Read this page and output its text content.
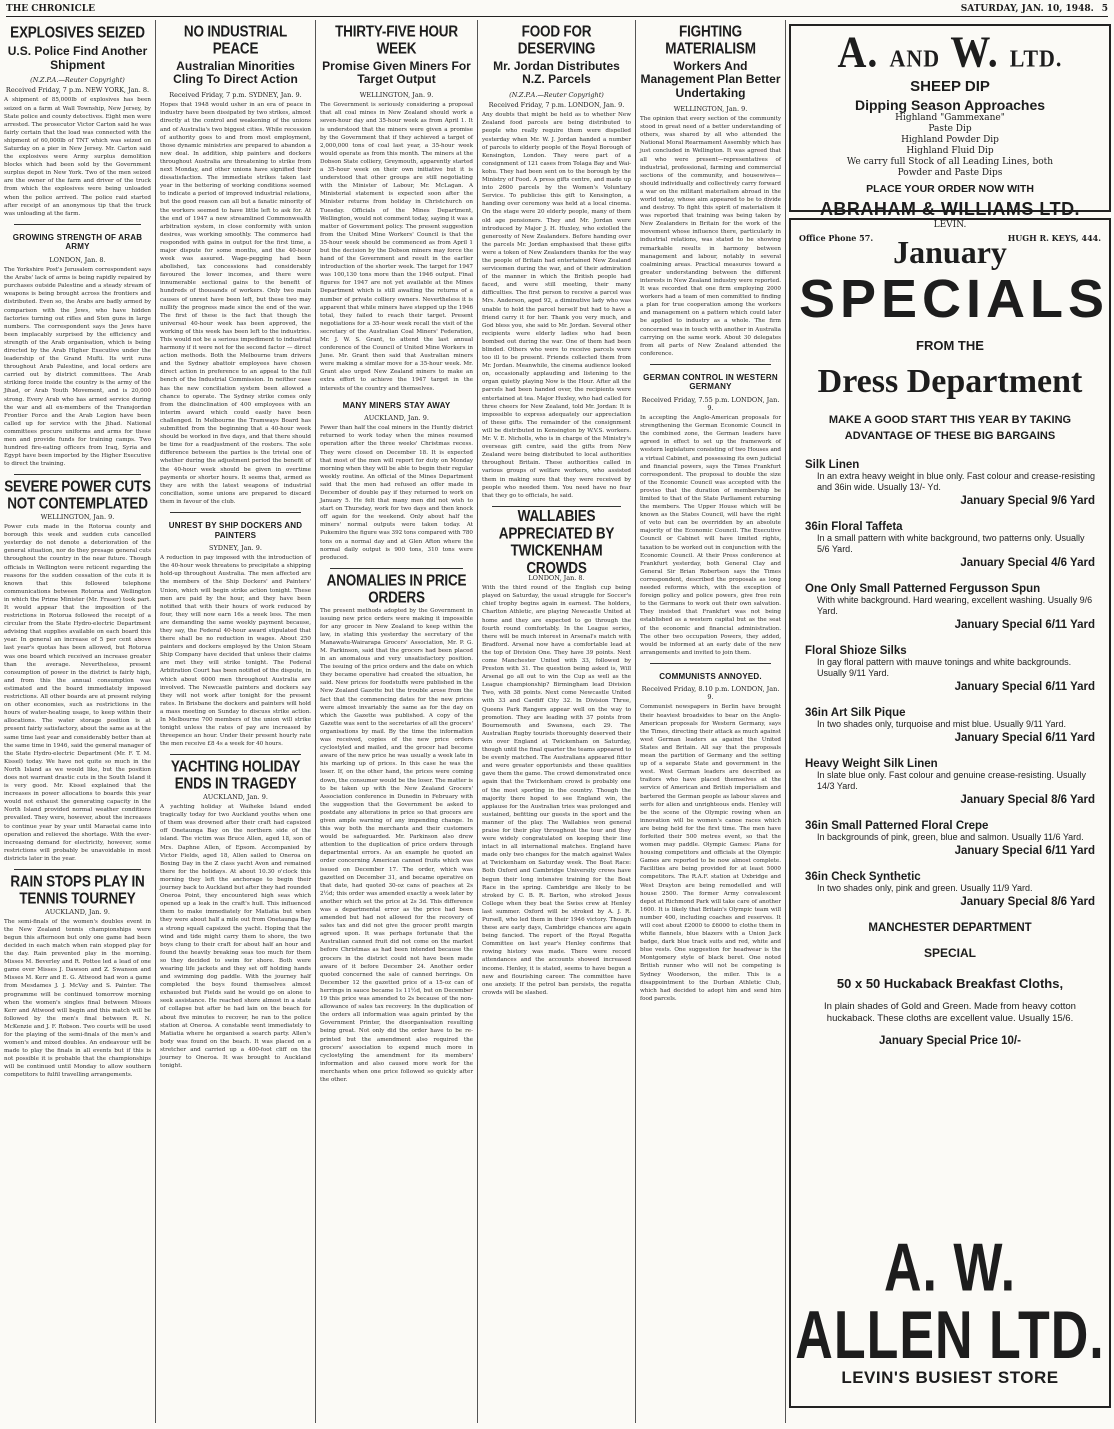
THE CHRONICLE	SATURDAY, JAN. 10, 1948. 5
EXPLOSIVES SEIZED
U.S. Police Find Another Shipment
(N.Z.P.A.—Reuter Copyright)
Received Friday, 7 p.m. NEW YORK, Jan. 8.

A shipment of 85,000lb of explosives has been seized on a farm at Wall Township, New Jersey, by State police and county detectives. Eight men were arrested. The prosecutor Victor Carton said he was fairly certain that the load was connected with the shipment of 60,000lb of TNT which was seized on Saturday on a pier in New Jersey. Mr. Carton said the explosives were Army surplus demolition blocks which had been sold by the Government surplus depot in New York. Two of the men seized are the owner of the farm and driver of the truck from which the explosives were being unloaded when the police arrived. The police raid started after receipt of an anonymous tip that the truck was unloading at the farm.

GROWING STRENGTH OF ARAB ARMY
LONDON, Jan. 8.

The Yorkshire Post's Jerusalem correspondent says the Arabs' lack of arms is being rapidly repaired by purchases outside Palestine and a steady stream of weapons is being brought across the frontiers and distributed. Even so, the Arabs are badly armed by comparison with the Jews, who have hidden factories turning out rifles and Sten guns in large numbers. The correspondent says the Jews have been implacably surprised by the efficiency and strength of the Arab organisation, which is being directed by the Arab Higher Executive under the leadership of the Grand Mufti. Its writ runs throughout Arab Palestine, and local orders are carried out by district committees. The Arab striking force inside the country is the army of the Jihad, or Arab Youth Movement, and is 20,000 strong. Every Arab who has armed service during the war and all ex-members of the Transjordan Frontier Force and the Arab Legion have been called up for service with the Jihad. National committees procure uniforms and arms for these men and provide funds for training camps. Two hundred fire-eating officers from Iraq, Syria and Egypt have been imported by the Higher Executive to direct the training.

SEVERE POWER CUTS NOT CONTEMPLATED
WELLINGTON, Jan. 9.

Power cuts made in the Rotorua county and borough this week and sudden cuts cancelled yesterday do not denote a deterioration of the general situation, nor do they presage general cuts throughout the country in the near future. Though officials in Wellington were reticent regarding the reasons for the sudden cessation of the cuts it is known that this followed telephone communications between Rotorua and Wellington in which the Prime Minister (Mr. Fraser) took part. It would appear that the imposition of the restrictions in Rotorua followed the receipt of a circular from the State Hydro-electric Department advising that supplies available on each board this year. In general an increase of 5 per cent above last year's quotas has been allowed, but Rotorua was one board which received an increase greater than the average. Nevertheless, present consumption of power in the district is fairly high, and from this the annual consumption was estimated and the board immediately imposed restrictions. All other boards are at present relying on other economies, such as restrictions in the hours of water-heating usage, to keep within their allocations. The water storage position is at present fairly satisfactory, about the same as at the same time last year and considerably better than at the same time in 1946, said the general manager of the State Hydro-electric Department (Mr. F. T. M. Kissel) today. We have not quite so much in the North Island as we would like, but the position does not warrant drastic cuts in the South Island it is very good. Mr. Kissel explained that the increases in power allocations to boards this year would not exhaust the generating capacity in the North Island provided normal weather conditions prevailed. They were, however, about the increases to continue year by year until Maraetai came into operation and relieved the shortage. With the ever-increasing demand for electricity, however, some restrictions will probably be unavoidable in most districts later in the year.

RAIN STOPS PLAY IN TENNIS TOURNEY
AUCKLAND, Jan. 9.

The semi-finals of the women's doubles event in the New Zealand tennis championships were begun this afternoon but only one game had been decided in each match when rain stopped play for the day. Rain prevented play in the morning. Misses M. Beverley and R. Pottee led a lead of one game over Misses J. Dawson and Z. Swanson and Misses M. Kerr and E. G. Attwood had won a game from Mesdames J. J. McVay and S. Painter. The programme will be continued tomorrow morning when the women's singles final between Misses Kerr and Attwood will begin and this match will be followed by the men's final between R. N. McKenzie and J. F. Robson. Two courts will be used for the playing of the semi-finals of the men's and women's and mixed doubles. An endeavour will be made to play the finals in all events but if this is not possible it is probable that the championships will be continued until Monday to allow southern competitors to fulfil travelling arrangements.

NO INDUSTRIAL PEACE
Australian Minorities Cling To Direct Action
Received Friday, 7 p.m. SYDNEY, Jan. 9.

Hopes that 1948 would usher in an era of peace in industry have been dissipated by two strikes, almost directly at the control and weakening of the unions and of Australia's two biggest cities. While recession of authority goes to and from most employment, those dynamic ministries are prepared to abandon a new deal. In addition, ship painters and dockers throughout Australia are threatening to strike from next Monday, and other unions have signified their dissatisfaction. The immediate strikes taken last year in the bettering of working conditions seemed to indicate a period of improved industrial relations, but the good reason can all but a fanatic minority of the workers seemed to have little left to ask for. At the end of 1947 a new streamlined Commonwealth arbitration system, in close conformity with union desires, was working smoothly. The commerce had responded with gains in output for the first time, a major dispute for some months, and the 40-hour week was assured. Wage-pegging had been abolished, tax concessions had considerably favoured the lower incomes, and there were innumerable sectional gains to the benefit of hundreds of thousands of workers. Only two main causes of unrest have been left, but these two may nullify the progress made since the end of the war. The first of these is the fact that though the universal 40-hour week has been approved, the working of this week has been left to the industries. This would not be a serious impediment to industrial harmony if it were not for the second factor — direct action methods. Both the Melbourne tram drivers and the Sydney abattoir employees have chosen direct action in preference to an appeal to the full bench of the Industrial Commission. In neither case has the new conciliation system been allowed a chance to operate. The Sydney strike comes only from the disinclination of 400 employees with an interim award which could easily have been challenged. In Melbourne the Tramways Board has submitted from the beginning that a 40-hour week should be worked in five days, and that there should be time for a readjustment of the rosters. The sole difference between the parties is the trivial one of whether during the adjustment period the benefit of the 40-hour week should be given in overtime payments or shorter hours. It seems that, armed as they are with the latest weapons of industrial conciliation, some unions are prepared to discard them in favour of the club.

UNREST BY SHIP DOCKERS AND PAINTERS
SYDNEY, Jan. 9.

A reduction in pay imposed with the introduction of the 40-hour week threatens to precipitate a shipping hold-up throughout Australia. The men affected are the members of the Ship Dockers' and Painters' Union, which will begin strike action tonight. These men are paid by the hour, and they have been notified that with their hours of work reduced by four, they will now earn 16s a week less. The men are demanding the same weekly payment because, they say, the Federal 40-hour award stipulated that there shall be no reduction in wages. About 250 painters and dockers employed by the Union Steam Ship Company have decided that unless their claims are met they will strike tonight. The Federal Arbitration Court has been notified of the dispute, in which about 6000 men throughout Australia are involved. The Newcastle painters and dockers say they will not work after tonight for the present rates. In Brisbane the dockers and painters will hold a mass meeting on Sunday to discuss strike action. In Melbourne 700 members of the union will strike tonight unless the rates of pay are increased by threepence an hour. Under their present hourly rate the men receive £8 4s a week for 40 hours.

YACHTING HOLIDAY ENDS IN TRAGEDY
AUCKLAND, Jan. 9.

A yachting holiday at Waiheke Island ended tragically today for two Auckland youths when one of them was drowned after their craft had capsized off Onetaunga Bay on the northern side of the island. The victim was Bruce Allen, aged 18, son of Mrs. Daphne Allen, of Epsom. Accompanied by Victor Fields, aged 18, Allen sailed to Oneroa on Boxing Day in the Z class yacht Avon and remained there for the holidays. At about 10.30 o'clock this morning they left the anchorage to begin their journey back to Auckland but after they had rounded Oneroa Point, they encountered high seas which opened up a leak in the craft's hull. This influenced them to make immediately for Matiatia but when they were about half a mile out from Onetaunga Bay a strong squall capsized the yacht. Hoping that the wind and tide might carry them to shore, the two boys clung to their craft for about half an hour and found the heavily breaking seas too much for them so they decided to swim for shore. Both were wearing life jackets and they set off holding hands and swimming dog paddle. With the journey half completed the boys found themselves almost exhausted but Fields said he would go on alone to seek assistance. He reached shore almost in a state of collapse but after he had lain on the beach for about five minutes to recover, he ran to the police station at Oneroa. A constable went immediately to Matiatia where he organised a search party. Allen's body was found on the beach. It was placed on a stretcher and carried up a 400-foot cliff on the journey to Oneroa. It was brought to Auckland tonight.

THIRTY-FIVE HOUR WEEK
Promise Given Miners For Target Output
WELLINGTON, Jan. 9.

The Government is seriously considering a proposal that all coal mines in New Zealand should work a seven-hour day and 35-hour week as from April 1. It is understood that the miners were given a promise by the Government that if they achieved a target of 2,000,000 tons of coal last year, a 35-hour week would operate as from this month. The miners at the Dobson State colliery, Greymouth, apparently started a 35-hour week on their own initiative but it is understood that other groups are still negotiating with the Minister of Labour, Mr. McLagan. A Ministerial statement is expected soon after the Minister returns from holiday in Christchurch on Tuesday. Officials of the Mines Department, Wellington, would not comment today, saying it was a matter of Government policy. The present suggestion from the United Mine Workers' Council is that the 35-hour week should be commenced as from April 1 but the decision by the Dobson miners may force the hand of the Government and result in the earlier introduction of the shorter week. The target for 1947 was 100,130 tons more than the 1946 output. Final figures for 1947 are not yet available at the Mines Department which is still awaiting the returns of a number of private colliery owners. Nevertheless it is apparent that while miners have stepped up the 1946 total, they failed to reach their target. Present negotiations for a 35-hour week recall the visit of the secretary of the Australian Coal Miners' Federation, Mr. J. W. S. Grant, to attend the last annual conference of the Council of United Mine Workers in June. Mr. Grant then said that Australian miners were making a similar move for a 35-hour week. Mr. Grant also urged New Zealand miners to make an extra effort to achieve the 1947 target in the interests of the country and themselves.

MANY MINERS STAY AWAY
AUCKLAND, Jan. 9.

Fewer than half the coal miners in the Huntly district returned to work today when the mines resumed operation after the three weeks' Christmas recess. They were closed on December 18. It is expected that most of the men will report for duty on Monday morning when they will be able to begin their regular weekly routine. An official of the Mines Department said that the men had refused an offer made in December of double pay if they returned to work on January 5. He felt that many men did not wish to start on Thursday, work for two days and then knock off again for the weekend. Only about half the miners' normal outputs were taken today. At Pukemiro the figure was 392 tons compared with 780 tons on a normal day and at Glen Afton where the normal daily output is 900 tons, 310 tons were produced.

ANOMALIES IN PRICE ORDERS

The present methods adopted by the Government in issuing new price orders were making it impossible for any grocer in New Zealand to keep within the law, in stating this yesterday the secretary of the Manawatu-Wairarapa Grocers' Association, Mr. P. G. M. Parkinson, said that the grocers had been placed in an anomalous and very unsatisfactory position. The issuing of the price orders and the date on which they became operative had created the situation, he said. New prices for foodstuffs were published in the New Zealand Gazette but the trouble arose from the fact that the commencing dates for the new prices were almost invariably the same as for the day on which the Gazette was published. A copy of the Gazette was sent to the secretaries of all the grocers' organisations by mail. By the time the information was received, copies of the new price orders cyclostyled and mailed, and the grocer had become aware of the new price he was usually a week late in his marking up of prices. In this case he was the loser. If, on the other hand, the prices were coming down, the consumer would be the loser. The matter is to be taken up with the New Zealand Grocers' Association conference in Dunedin in February with the suggestion that the Government be asked to postdate any alterations in price so that grocers are given ample warning of any impending change. In this way both the merchants and their customers would be safeguarded. Mr. Parkinson also drew attention to the duplication of price orders through departmental errors. As an example he quoted an order concerning American canned fruits which was issued on December 17. The order, which was gazetted on December 31, and became operative on that date, had quoted 30-oz cans of peaches at 2s 2½d; this order was amended exactly a week later by another which set the price at 2s 3d. This difference was a departmental error as the price had been amended but had not allowed for the recovery of sales tax and did not give the grocer profit margin agreed upon. It was perhaps fortunate that the Australian canned fruit did not come on the market before Christmas as had been intended because the grocers in the district could not have been made aware of it before December 24. Another order quoted concerned the sale of canned herrings. On December 12 the gazetted price of a 15-oz can of herrings in sauce became 1s 11½d, but on December 19 this price was amended to 2s because of the non-allowance of sales tax recovery. In the duplication of the orders all information was again printed by the Government Printer, the disorganisation resulting being great. Not only did the order have to be re-printed but the amendment also required the grocers' association to expend much more in cyclostyling the amendment for its members' information and also caused more work for the merchants when one price followed so quickly after the other.

FOOD FOR DESERVING
Mr. Jordan Distributes N.Z. Parcels
(N.Z.P.A.—Reuter Copyright)
Received Friday, 7 p.m. LONDON, Jan. 9.

Any doubts that might be held as to whether New Zealand food parcels are being distributed to people who really require them were dispelled yesterday when Mr. W. J. Jordan handed a number of parcels to elderly people of the Royal Borough of Kensington, London. They were part of a consignment of 121 cases from Tolaga Bay and Wai-kohu. They had been sent on to the borough by the Ministry of Food. A press gifts centre, and made up into 2600 parcels by the Women's Voluntary Service. To publicise this gift to Kensington, a handing over ceremony was held at a local cinema. On the stage were 20 elderly people, many of them old age pensioners. They and Mr. Jordan were introduced by Major J. H. Huxley, who extolled the generosity of New Zealanders. Before handing over the parcels Mr. Jordan emphasised that these gifts were a token of New Zealanders thanks for the way the people of Britain had entertained New Zealand servicemen during the war, and of their admiration of the manner in which the British people had faced, and were still meeting, their many difficulties. The first person to receive a parcel was Mrs. Anderson, aged 92, a diminutive lady who was unable to hold the parcel herself but had to have a friend carry it for her. Thank you very much, and God bless you, she said to Mr. Jordan. Several other recipients were elderly ladies who had been bombed out during the war. One of them had been blinded. Others who were to receive parcels were too ill to be present. Friends collected them from Mr. Jordan. Meanwhile, the cinema audience looked on, occasionally applauding and listening to the organ quietly playing Now is the Hour. After all the parcels had been handed over, the recipients were entertained at tea. Major Huxley, who had called for three cheers for New Zealand, told Mr. Jordan: It is impossible to express adequately our appreciation of these gifts. The remainder of the consignment will be distributed in Kensington by W.V.S. workers. Mr. V. E. Nicholls, who is in charge of the Ministry's overseas gift centre, said the gifts from New Zealand were being distributed to local authorities throughout Britain. These authorities called in various groups of welfare workers, who assisted them in making sure that they were received by people who needed them. You need have no fear that they go to officials, he said.

WALLABIES APPRECIATED BY TWICKENHAM CROWDS
LONDON, Jan. 8.

With the third round of the English cup being played on Saturday, the usual struggle for Soccer's chief trophy begins again in earnest. The holders, Charlton Athletic, are playing Newcastle United at home and they are expected to go through the fourth round comfortably. In the League series, there will be much interest in Arsenal's match with Bradford. Arsenal now have a comfortable lead at the top of Division One. They have 39 points. Next come Manchester United with 33, followed by Preston with 31. The question being asked is, Will Arsenal go all out to win the Cup as well as the League championship? Birmingham lead Division Two, with 38 points. Next come Newcastle United with 33 and Cardiff City 32. In Division Three, Queens Park Rangers appear well on the way to promotion. They are leading with 37 points from Bournemouth and Swansea, each 29. The Australian Rugby tourists thoroughly deserved their win over England at Twickenham on Saturday, though until the final quarter the teams appeared to be evenly matched. The Australians appeared fitter and were greater opportunists and these qualities gave them the game. The crowd demonstrated once again that the Twickenham crowd is probably one of the most sporting in the country. Though the majority there hoped to see England win, the applause for the Australian tries was prolonged and sustained, befitting our guests in the sport and the manner of the play. The Wallabies won general praise for their play throughout the tour and they were widely congratulated on keeping their line intact in all international matches. England have made only two changes for the match against Wales at Twickenham on Saturday week. The Boat Race: Both Oxford and Cambridge University crews have begun their long intensive training for the Boat Race in the spring. Cambridge are likely to be stroked by C. B. R. Barton, who stroked Jesus College when they beat the Swiss crew at Henley last summer. Oxford will be stroked by A. J. R. Pursell, who led them in their 1946 victory. Though these are early days, Cambridge chances are again being fancied. The report of the Royal Regatta Committee on last year's Henley confirms that rowing history was made. There were record attendances and the accounts showed increased income. Henley, it is stated, seems to have begun a new and flourishing career. The committee have one anxiety. If the petrol ban persists, the regatta crowds will be slashed.

FIGHTING MATERIALISM
Workers And Management Plan Better Undertaking
WELLINGTON, Jan. 9.

The opinion that every section of the community stood in great need of a better understanding of others, was shared by all who attended the National Moral Rearmament Assembly which has just concluded in Wellington. It was agreed that all who were present—representatives of industrial, professional, farming and commercial sections of the community, and housewives—should individually and collectively carry forward a war on the militant materialism abroad in the world today, whose aim appeared to be to divide and destroy. To fight this spirit of materialism it was reported that training was being taken by New Zealanders in Britain for the work of the movement whose influence there, particularly in industrial relations, was stated to be showing remarkable results in harmony between management and labour, notably in several coalmining areas. Practical measures toward a greater understanding between the different interests in New Zealand industry were reported. It was recorded that one firm employing 2000 workers had a team of men committed to finding a plan for true cooperation among the workers and management on a pattern which could later be applied to industry as a whole. The firm concerned was in touch with another in Australia carrying on the same work. About 30 delegates from all parts of New Zealand attended the conference.

GERMAN CONTROL IN WESTERN GERMANY
Received Friday, 7.55 p.m. LONDON, Jan. 9.

In accepting the Anglo-American proposals for strengthening the German Economic Council in the combined zone, the German leaders have agreed in effect to set up the framework of western legislature consisting of two Houses and a virtual Cabinet, and possessing its own judicial and financial powers, says the Times Frankfurt correspondent. The proposal to double the size of the Economic Council was accepted with the proviso that the duration of membership be limited to that of the State Parliament returning the members. The Upper House which will be known as the States Council, will have the right of veto but can be overridden by an absolute majority of the Economic Council. The Executive Council or Cabinet will have limited rights, taxation to be worked out in conjunction with the Economic Council. At their Press conference at Frankfurt yesterday, both General Clay and General Sir Brian Robertson says the Times correspondent, described the proposals as long needed reforms which, with the exception of foreign policy and police powers, give free rein to the Germans to work out their own salvation. They insisted that Frankfurt was not being established as a western capital but as the seat of the economic and financial administration. The other two occupation Powers, they added, would be informed at an early date of the new arrangements and invited to join them.

COMMUNISTS ANNOYED.
Received Friday, 8.10 p.m. LONDON, Jan. 9.

Communist newspapers in Berlin have brought their heaviest broadsides to bear on the Anglo-American proposals for Western Germany, says the Times, directing their attack as much against west German leaders as against the United States and Britain. All say that the proposals mean the partition of Germany and the setting up of a separate State and government in the west. West German leaders are described as traitors who have placed themselves at the service of American and British imperialism and bartered the German people as labour slaves and serfs for alien and unrighteous ends. Henley will be the scene of the Olympic rowing when an innovation will be women's canoe races which are being held for the first time. The men have forfeited their 500 metres event, so that the women may paddle. Olympic Games: Plans for housing competitors and officials at the Olympic Games are reported to be now almost complete. Facilities are being provided for at least 5000 competitors. The R.A.F. station at Uxbridge and West Drayton are being remodelled and will house 2500. The former Army convalescent depot at Richmond Park will take care of another 1600. It is likely that Britain's Olympic team will number 400, including coaches and reserves. It will cost about £2000 to £6000 to clothe them in white flannels, blue blazers with a Union Jack badge, dark blue track suits and red, white and blue vests. One suggestion for headwear is the Montgomery style of black beret. One noted British runner who will not be competing is Sydney Wooderson, the miler. This is a disappointment to the Durban Athletic Club, which had decided to adopt him and send him food parcels.

A. AND W. LTD.
SHEEP DIP
Dipping Season Approaches
Highland "Gammexane"
Paste Dip
Highland Powder Dip
Highland Fluid Dip
We carry full Stock of all Leading Lines, both
Powder and Paste Dips
PLACE YOUR ORDER NOW WITH
ABRAHAM & WILLIAMS LTD.
LEVIN.
Office Phone 57.	HUGH R. KEYS, 444.
January
SPECIALS
FROM THE
Dress Department
MAKE A GOOD START THIS YEAR BY TAKING ADVANTAGE OF THESE BIG BARGAINS
Silk Linen
In an extra heavy weight in blue only. Fast colour and crease-resisting and 36in wide. Usually 13/- Yd.
January Special 9/6 Yard
36in Floral Taffeta
In a small pattern with white background, two patterns only. Usually 5/6 Yard.
January Special 4/6 Yard
One Only Small Patterned Fergusson Spun
With white background. Hard wearing, excellent washing. Usually 9/6 Yard.
January Special 6/11 Yard
Floral Shioze Silks
In gay floral pattern with mauve tonings and white backgrounds. Usually 9/11 Yard.
January Special 6/11 Yard
36in Art Silk Pique
In two shades only, turquoise and mist blue. Usually 9/11 Yard.
January Special 6/11 Yard
Heavy Weight Silk Linen
In slate blue only. Fast colour and genuine crease-resisting. Usually 14/3 Yard.
January Special 8/6 Yard
36in Small Patterned Floral Crepe
In backgrounds of pink, green, blue and salmon. Usually 11/6 Yard.
January Special 6/11 Yard
36in Check Synthetic
In two shades only, pink and green. Usually 11/9 Yard.
January Special 8/6 Yard
MANCHESTER DEPARTMENT
SPECIAL
50 x 50 Huckaback Breakfast Cloths,
In plain shades of Gold and Green. Made from heavy cotton huckaback. These cloths are excellent value. Usually 15/6.
January Special Price 10/-
A. W. ALLEN LTD.
LEVIN'S BUSIEST STORE
